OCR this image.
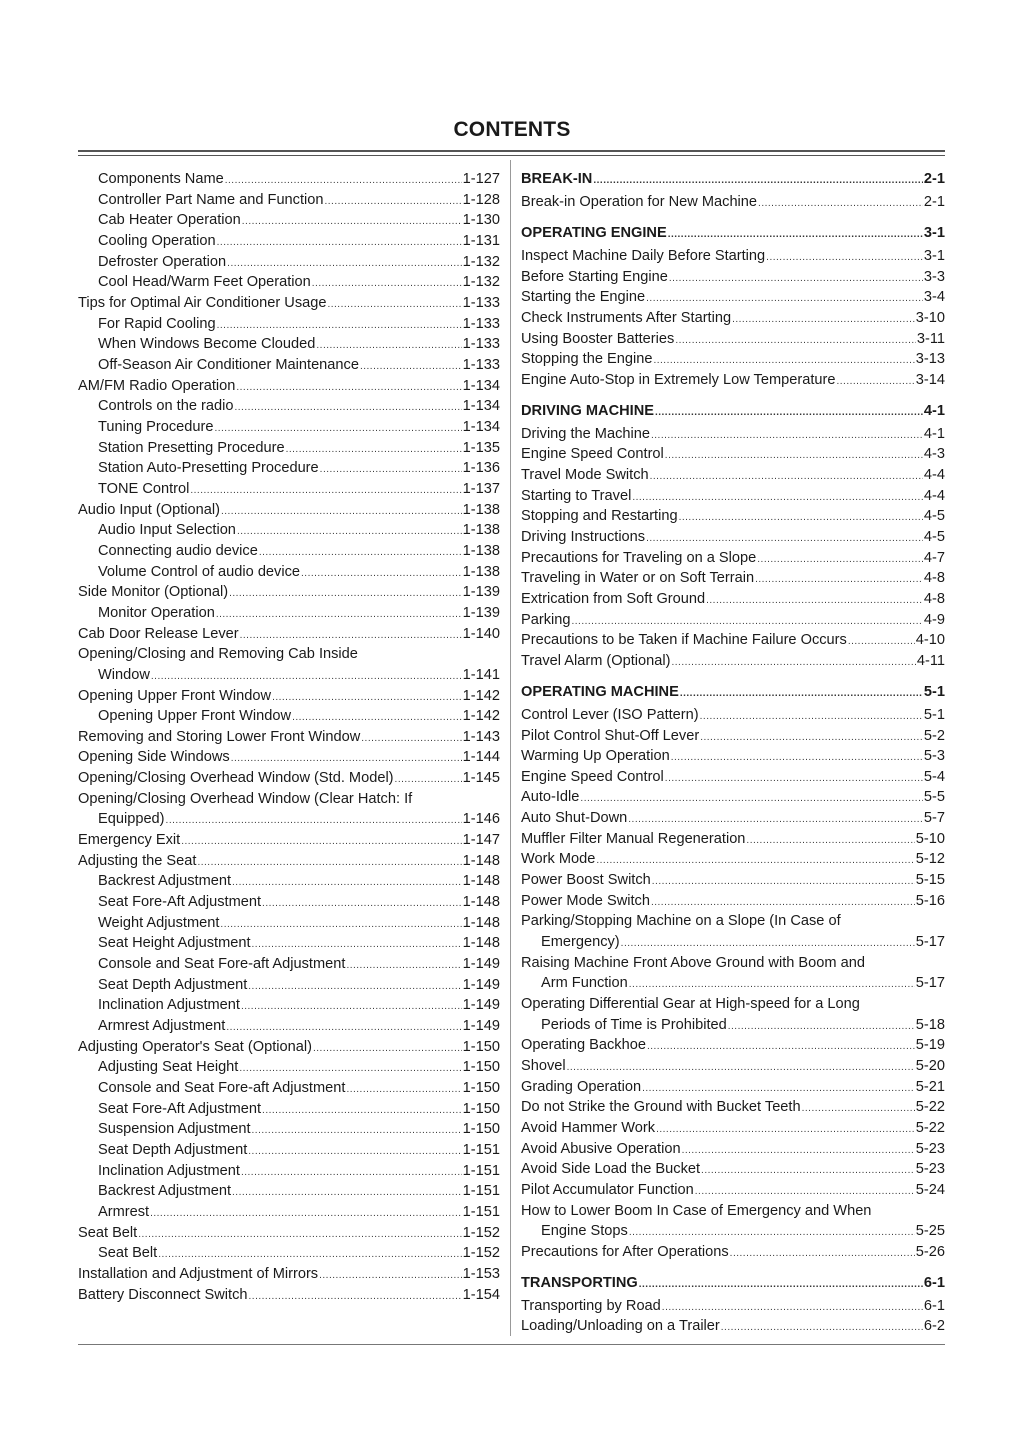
CONTENTS
Components Name .....	1-127
Controller Part Name and Function .....	1-128
Cab Heater Operation .....	1-130
Cooling Operation .....	1-131
Defroster Operation .....	1-132
Cool Head/Warm Feet Operation .....	1-132
Tips for Optimal Air Conditioner Usage .....	1-133
For Rapid Cooling .....	1-133
When Windows Become Clouded .....	1-133
Off-Season Air Conditioner Maintenance .....	1-133
AM/FM Radio Operation .....	1-134
Controls on the radio .....	1-134
Tuning Procedure .....	1-134
Station Presetting Procedure .....	1-135
Station Auto-Presetting Procedure .....	1-136
TONE Control .....	1-137
Audio Input (Optional) .....	1-138
Audio Input Selection .....	1-138
Connecting audio device .....	1-138
Volume Control of audio device .....	1-138
Side Monitor (Optional) .....	1-139
Monitor Operation .....	1-139
Cab Door Release Lever .....	1-140
Opening/Closing and Removing Cab Inside
Window .....	1-141
Opening Upper Front Window .....	1-142
Opening Upper Front Window .....	1-142
Removing and Storing Lower Front Window .....	1-143
Opening Side Windows .....	1-144
Opening/Closing Overhead Window (Std. Model) .....	1-145
Opening/Closing Overhead Window (Clear Hatch: If
Equipped) .....	1-146
Emergency Exit .....	1-147
Adjusting the Seat .....	1-148
Backrest Adjustment .....	1-148
Seat Fore-Aft Adjustment .....	1-148
Weight Adjustment .....	1-148
Seat Height Adjustment .....	1-148
Console and Seat Fore-aft Adjustment .....	1-149
Seat Depth Adjustment .....	1-149
Inclination Adjustment .....	1-149
Armrest Adjustment .....	1-149
Adjusting Operator's Seat (Optional) .....	1-150
Adjusting Seat Height .....	1-150
Console and Seat Fore-aft Adjustment .....	1-150
Seat Fore-Aft Adjustment .....	1-150
Suspension Adjustment .....	1-150
Seat Depth Adjustment .....	1-151
Inclination Adjustment .....	1-151
Backrest Adjustment .....	1-151
Armrest .....	1-151
Seat Belt .....	1-152
Seat Belt .....	1-152
Installation and Adjustment of Mirrors .....	1-153
Battery Disconnect Switch .....	1-154
BREAK-IN .....	2-1
Break-in Operation for New Machine .....	2-1
OPERATING ENGINE .....	3-1
Inspect Machine Daily Before Starting .....	3-1
Before Starting Engine .....	3-3
Starting the Engine .....	3-4
Check Instruments After Starting .....	3-10
Using Booster Batteries .....	3-11
Stopping the Engine .....	3-13
Engine Auto-Stop in Extremely Low Temperature .....	3-14
DRIVING MACHINE .....	4-1
Driving the Machine .....	4-1
Engine Speed Control .....	4-3
Travel Mode Switch .....	4-4
Starting to Travel .....	4-4
Stopping and Restarting .....	4-5
Driving Instructions .....	4-5
Precautions for Traveling on a Slope .....	4-7
Traveling in Water or on Soft Terrain .....	4-8
Extrication from Soft Ground .....	4-8
Parking .....	4-9
Precautions to be Taken if Machine Failure Occurs .....	4-10
Travel Alarm (Optional) .....	4-11
OPERATING MACHINE .....	5-1
Control Lever (ISO Pattern) .....	5-1
Pilot Control Shut-Off Lever .....	5-2
Warming Up Operation .....	5-3
Engine Speed Control .....	5-4
Auto-Idle .....	5-5
Auto Shut-Down .....	5-7
Muffler Filter Manual Regeneration .....	5-10
Work Mode .....	5-12
Power Boost Switch .....	5-15
Power Mode Switch .....	5-16
Parking/Stopping Machine on a Slope (In Case of
Emergency) .....	5-17
Raising Machine Front Above Ground with Boom and
Arm Function .....	5-17
Operating Differential Gear at High-speed for a Long
Periods of Time is Prohibited .....	5-18
Operating Backhoe .....	5-19
Shovel .....	5-20
Grading Operation .....	5-21
Do not Strike the Ground with Bucket Teeth .....	5-22
Avoid Hammer Work .....	5-22
Avoid Abusive Operation .....	5-23
Avoid Side Load the Bucket .....	5-23
Pilot Accumulator Function .....	5-24
How to Lower Boom In Case of Emergency and When
Engine Stops .....	5-25
Precautions for After Operations .....	5-26
TRANSPORTING .....	6-1
Transporting by Road .....	6-1
Loading/Unloading on a Trailer .....	6-2
